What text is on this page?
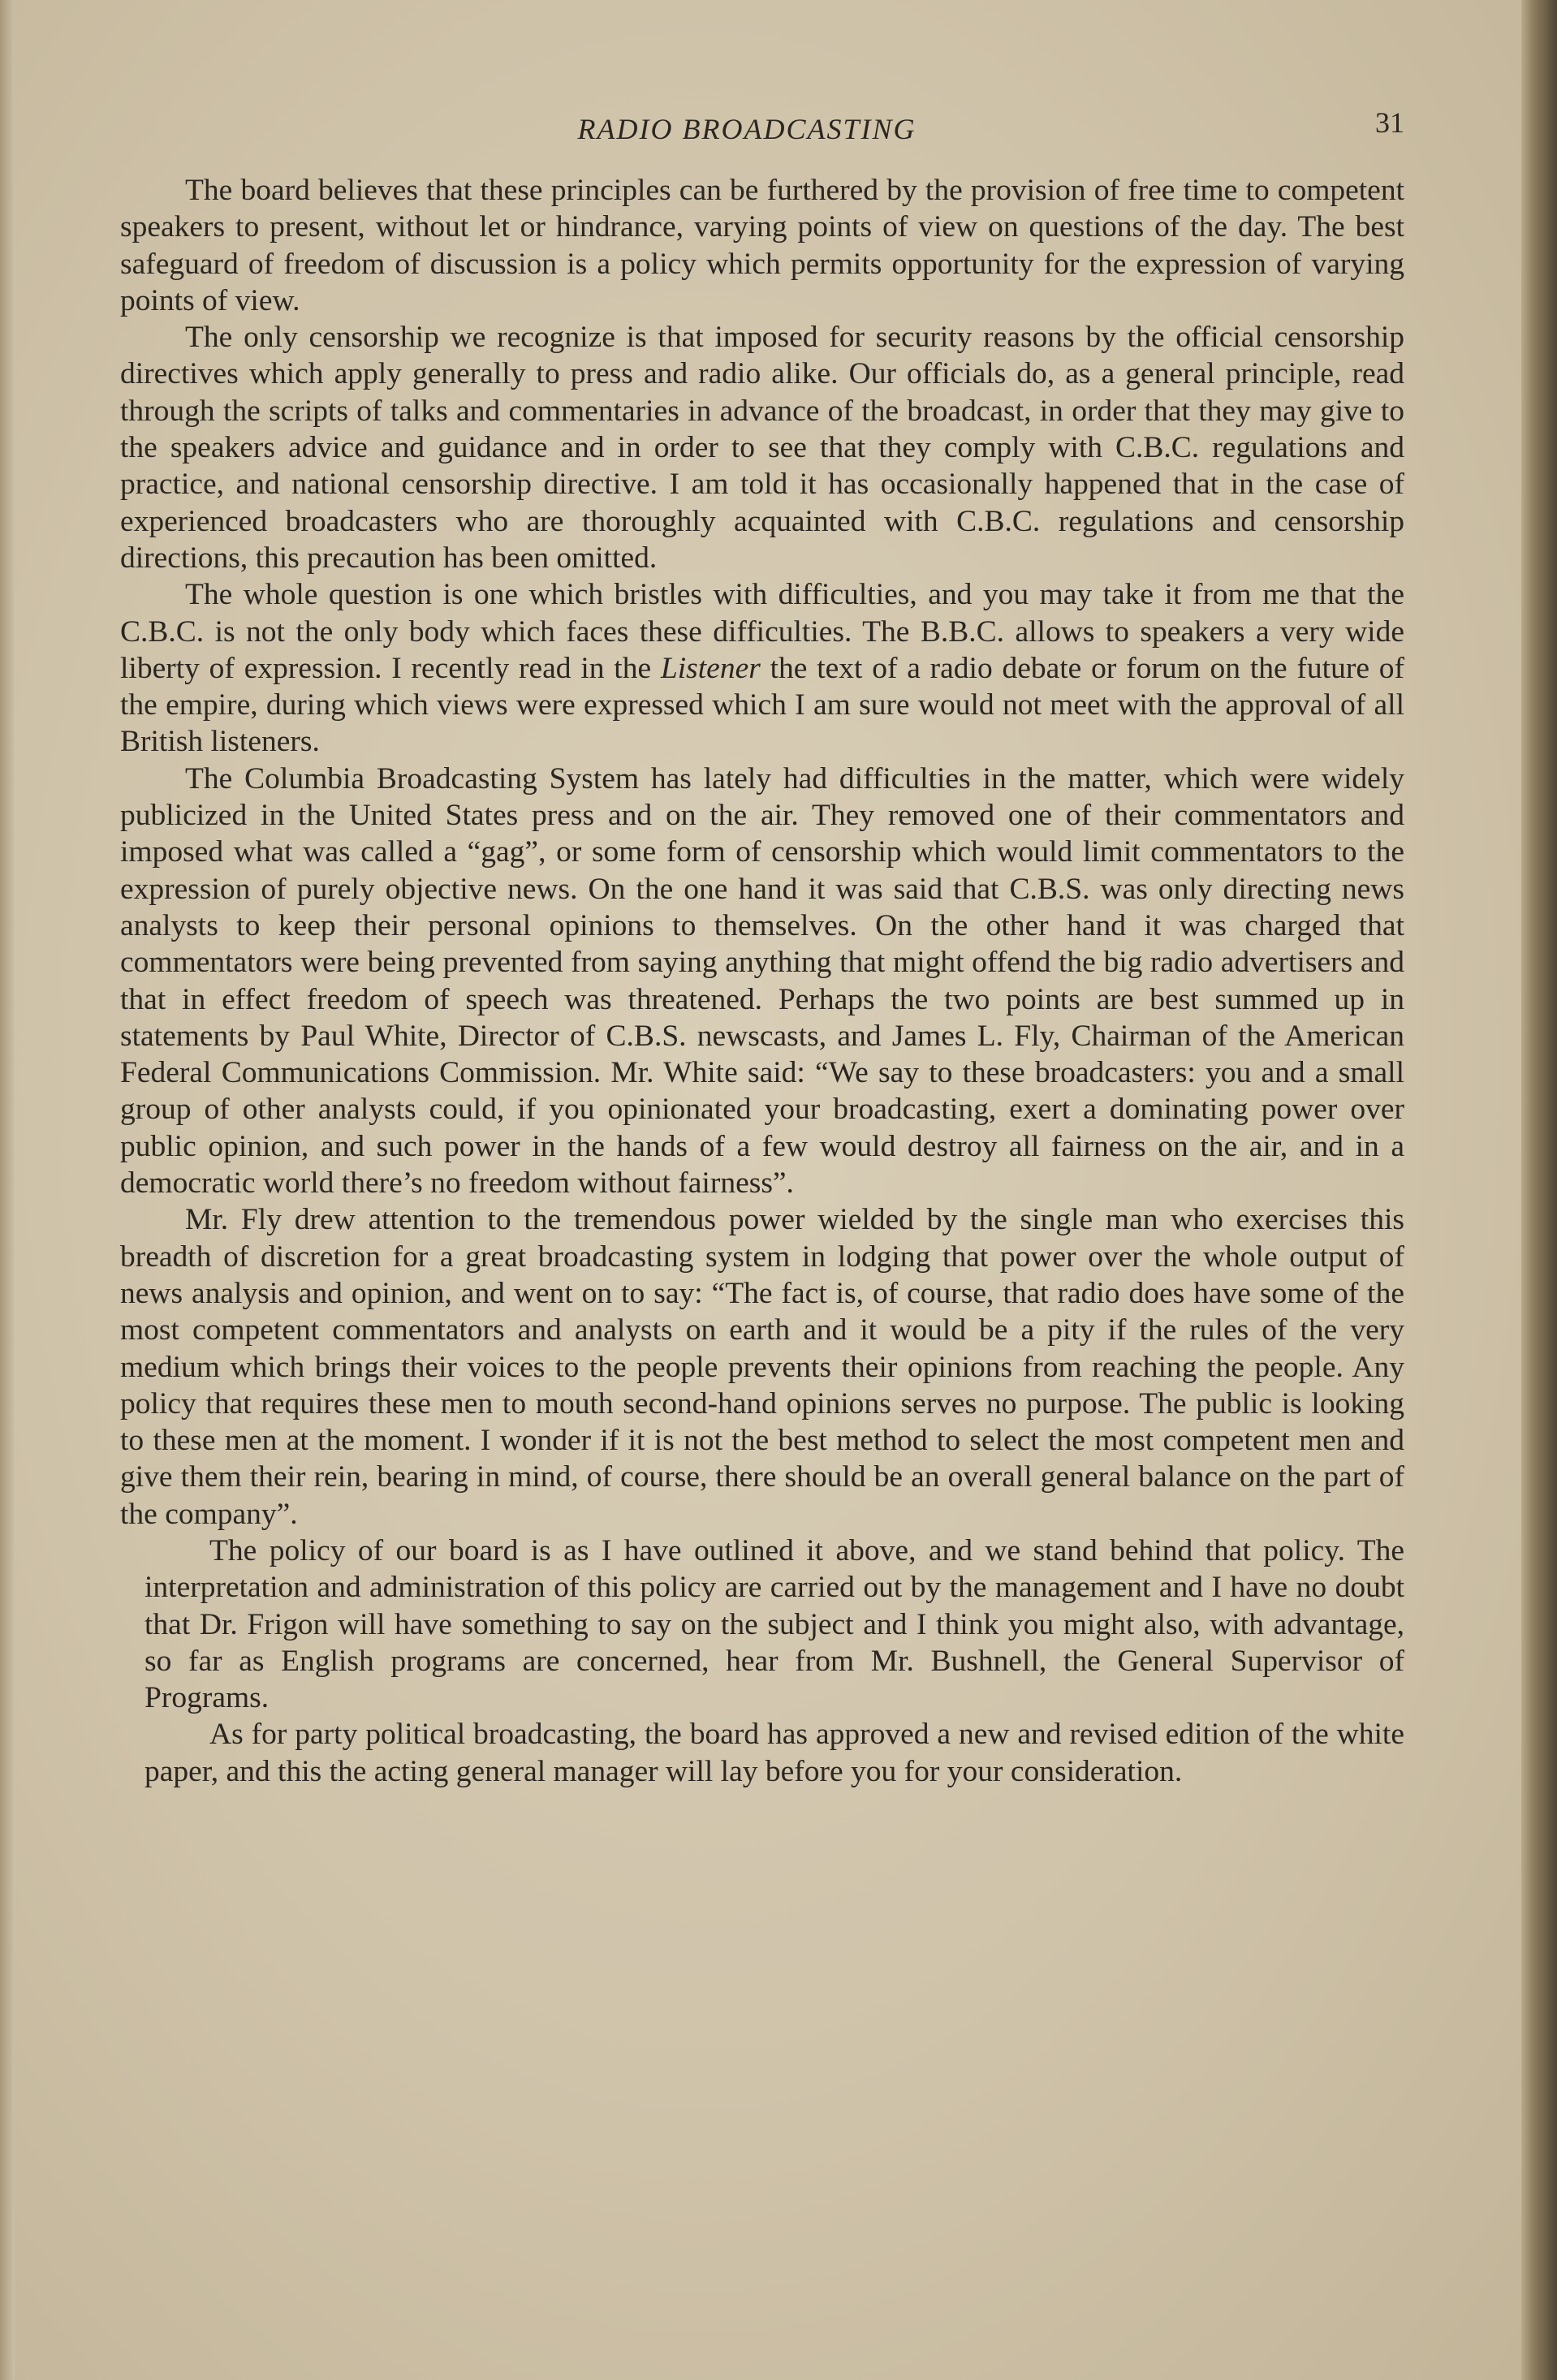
RADIO BROADCASTING	31

The board believes that these principles can be furthered by the provision of free time to competent speakers to present, without let or hindrance, varying points of view on questions of the day. The best safeguard of freedom of discussion is a policy which permits opportunity for the expression of varying points of view.

The only censorship we recognize is that imposed for security reasons by the official censorship directives which apply generally to press and radio alike. Our officials do, as a general principle, read through the scripts of talks and commentaries in advance of the broadcast, in order that they may give to the speakers advice and guidance and in order to see that they comply with C.B.C. regulations and practice, and national censorship directive. I am told it has occasionally happened that in the case of experienced broadcasters who are thoroughly acquainted with C.B.C. regulations and censorship directions, this precaution has been omitted.

The whole question is one which bristles with difficulties, and you may take it from me that the C.B.C. is not the only body which faces these difficulties. The B.B.C. allows to speakers a very wide liberty of expression. I recently read in the Listener the text of a radio debate or forum on the future of the empire, during which views were expressed which I am sure would not meet with the approval of all British listeners.

The Columbia Broadcasting System has lately had difficulties in the matter, which were widely publicized in the United States press and on the air. They removed one of their commentators and imposed what was called a “gag”, or some form of censorship which would limit commentators to the expression of purely objective news. On the one hand it was said that C.B.S. was only directing news analysts to keep their personal opinions to themselves. On the other hand it was charged that commentators were being prevented from saying anything that might offend the big radio advertisers and that in effect freedom of speech was threatened. Perhaps the two points are best summed up in statements by Paul White, Director of C.B.S. newscasts, and James L. Fly, Chairman of the American Federal Communications Commission. Mr. White said: “We say to these broadcasters: you and a small group of other analysts could, if you opinionated your broadcasting, exert a dominating power over public opinion, and such power in the hands of a few would destroy all fairness on the air, and in a democratic world there’s no freedom without fairness”.

Mr. Fly drew attention to the tremendous power wielded by the single man who exercises this breadth of discretion for a great broadcasting system in lodging that power over the whole output of news analysis and opinion, and went on to say: “The fact is, of course, that radio does have some of the most competent commentators and analysts on earth and it would be a pity if the rules of the very medium which brings their voices to the people prevents their opinions from reaching the people. Any policy that requires these men to mouth second-hand opinions serves no purpose. The public is looking to these men at the moment. I wonder if it is not the best method to select the most competent men and give them their rein, bearing in mind, of course, there should be an overall general balance on the part of the company”.

The policy of our board is as I have outlined it above, and we stand behind that policy. The interpretation and administration of this policy are carried out by the management and I have no doubt that Dr. Frigon will have something to say on the subject and I think you might also, with advantage, so far as English programs are concerned, hear from Mr. Bushnell, the General Supervisor of Programs.

As for party political broadcasting, the board has approved a new and revised edition of the white paper, and this the acting general manager will lay before you for your consideration.
